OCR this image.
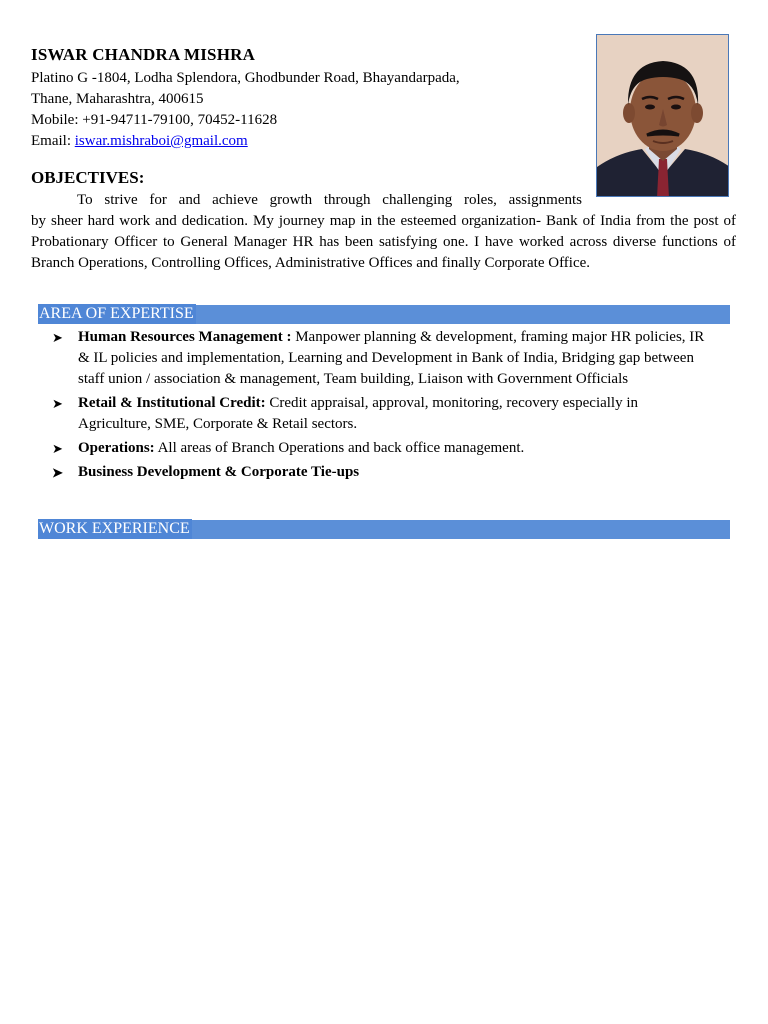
ISWAR CHANDRA MISHRA
Platino G -1804, Lodha Splendora, Ghodbunder Road, Bhayandarpada,
Thane, Maharashtra, 400615
Mobile: +91-94711-79100, 70452-11628
Email: iswar.mishraboi@gmail.com
OBJECTIVES:
To strive for and achieve growth through challenging roles, assignments
by sheer hard work and dedication. My journey map in the esteemed organization- Bank of India from the post of Probationary Officer to General Manager HR has been satisfying one. I have worked across diverse functions of Branch Operations, Controlling Offices, Administrative Offices and finally Corporate Office.
AREA OF EXPERTISE
➤ Human Resources Management : Manpower planning & development, framing major HR policies, IR & IL policies and implementation, Learning and Development in Bank of India, Bridging gap between staff union / association & management, Team building, Liaison with Government Officials
➤ Retail & Institutional Credit: Credit appraisal, approval, monitoring, recovery especially in Agriculture, SME, Corporate & Retail sectors.
➤ Operations: All areas of Branch Operations and back office management.
➤ Business Development & Corporate Tie-ups
WORK EXPERIENCE
